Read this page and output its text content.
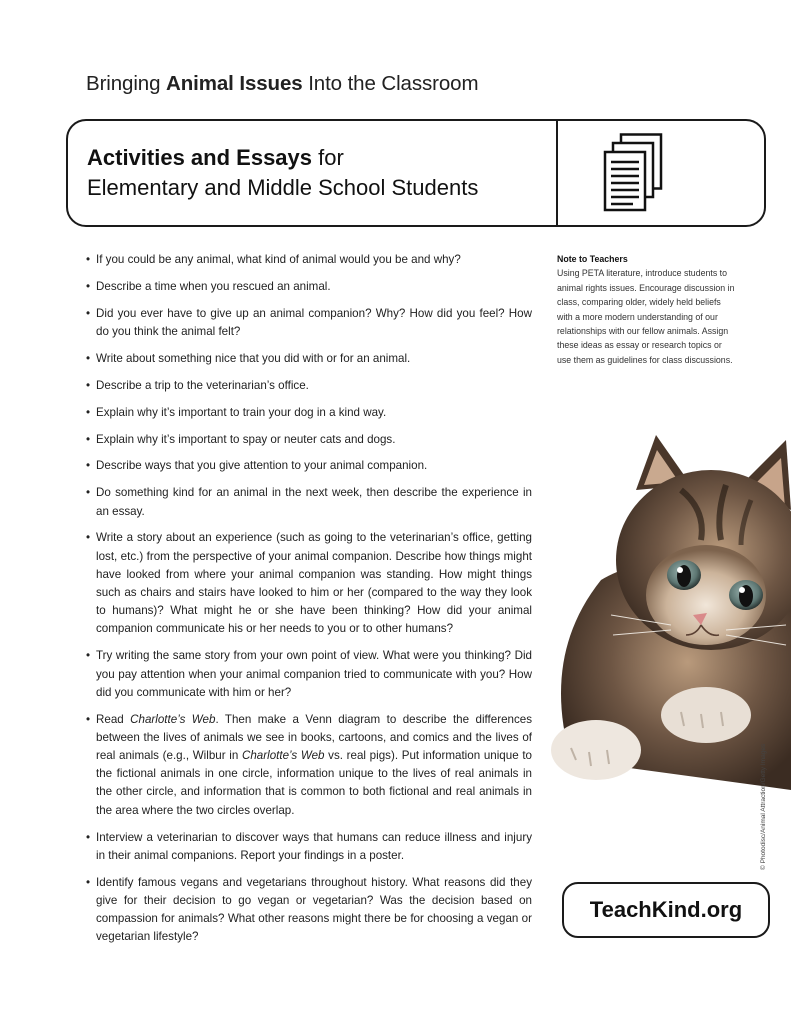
Bringing Animal Issues Into the Classroom
Activities and Essays for
Elementary and Middle School Students
• If you could be any animal, what kind of animal would you be and why?
• Describe a time when you rescued an animal.
• Did you ever have to give up an animal companion? Why? How did you feel? How do you think the animal felt?
• Write about something nice that you did with or for an animal.
• Describe a trip to the veterinarian’s office.
• Explain why it’s important to train your dog in a kind way.
• Explain why it’s important to spay or neuter cats and dogs.
• Describe ways that you give attention to your animal companion.
• Do something kind for an animal in the next week, then describe the experience in an essay.
• Write a story about an experience (such as going to the veterinarian’s office, getting lost, etc.) from the perspective of your animal companion. Describe how things might have looked from where your animal companion was standing. How might things such as chairs and stairs have looked to him or her (compared to the way they look to humans)? What might he or she have been thinking? How did your animal companion communicate his or her needs to you or to other humans?
• Try writing the same story from your own point of view. What were you thinking? Did you pay attention when your animal companion tried to communicate with you? How did you communicate with him or her?
• Read Charlotte’s Web. Then make a Venn diagram to describe the differences between the lives of animals we see in books, cartoons, and comics and the lives of real animals (e.g., Wilbur in Charlotte’s Web vs. real pigs). Put information unique to the fictional animals in one circle, information unique to the lives of real animals in the other circle, and information that is common to both fictional and real animals in the area where the two circles overlap.
• Interview a veterinarian to discover ways that humans can reduce illness and injury in their animal companions. Report your findings in a poster.
• Identify famous vegans and vegetarians throughout history. What reasons did they give for their decision to go vegan or vegetarian? Was the decision based on compassion for animals? What other reasons might there be for choosing a vegan or vegetarian lifestyle?
Note to Teachers
Using PETA literature, introduce students to animal rights issues. Encourage discussion in class, comparing older, widely held beliefs with a more modern understanding of our relationships with our fellow animals. Assign these ideas as essay or research topics or use them as guidelines for class discussions.
© Photodisc/Animal Attraction/Getty Images
TeachKind.org
